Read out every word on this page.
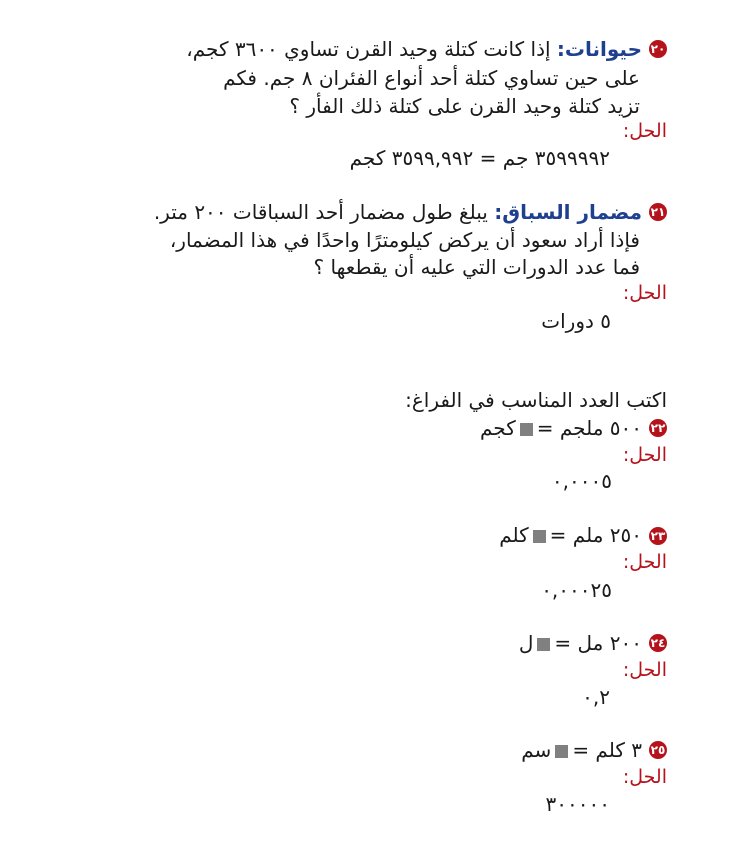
٢٠
حيوانات: إذا كانت كتلة وحيد القرن تساوي ٣٦٠٠ كجم،
على حين تساوي كتلة أحد أنواع الفئران ٨ جم. فكم
تزيد كتلة وحيد القرن على كتلة ذلك الفأر ؟
الحل:
٣٥٩٩٩٩٢ جم = ٣٥٩٩,٩٩٢ كجم
٢١
مضمار السباق: يبلغ طول مضمار أحد السباقات ٢٠٠ متر.
فإذا أراد سعود أن يركض كيلومترًا واحدًا في هذا المضمار،
فما عدد الدورات التي عليه أن يقطعها ؟
الحل:
٥ دورات
اكتب العدد المناسب في الفراغ:
٢٢
٥٠٠ ملجم =كجم
الحل:
٠,٠٠٠٥
٢٣
٢٥٠ ملم =كلم
الحل:
٠,٠٠٠٢٥
٢٤
٢٠٠ مل =ل
الحل:
٠,٢
٢٥
٣ كلم =سم
الحل:
٣٠٠٠٠٠
